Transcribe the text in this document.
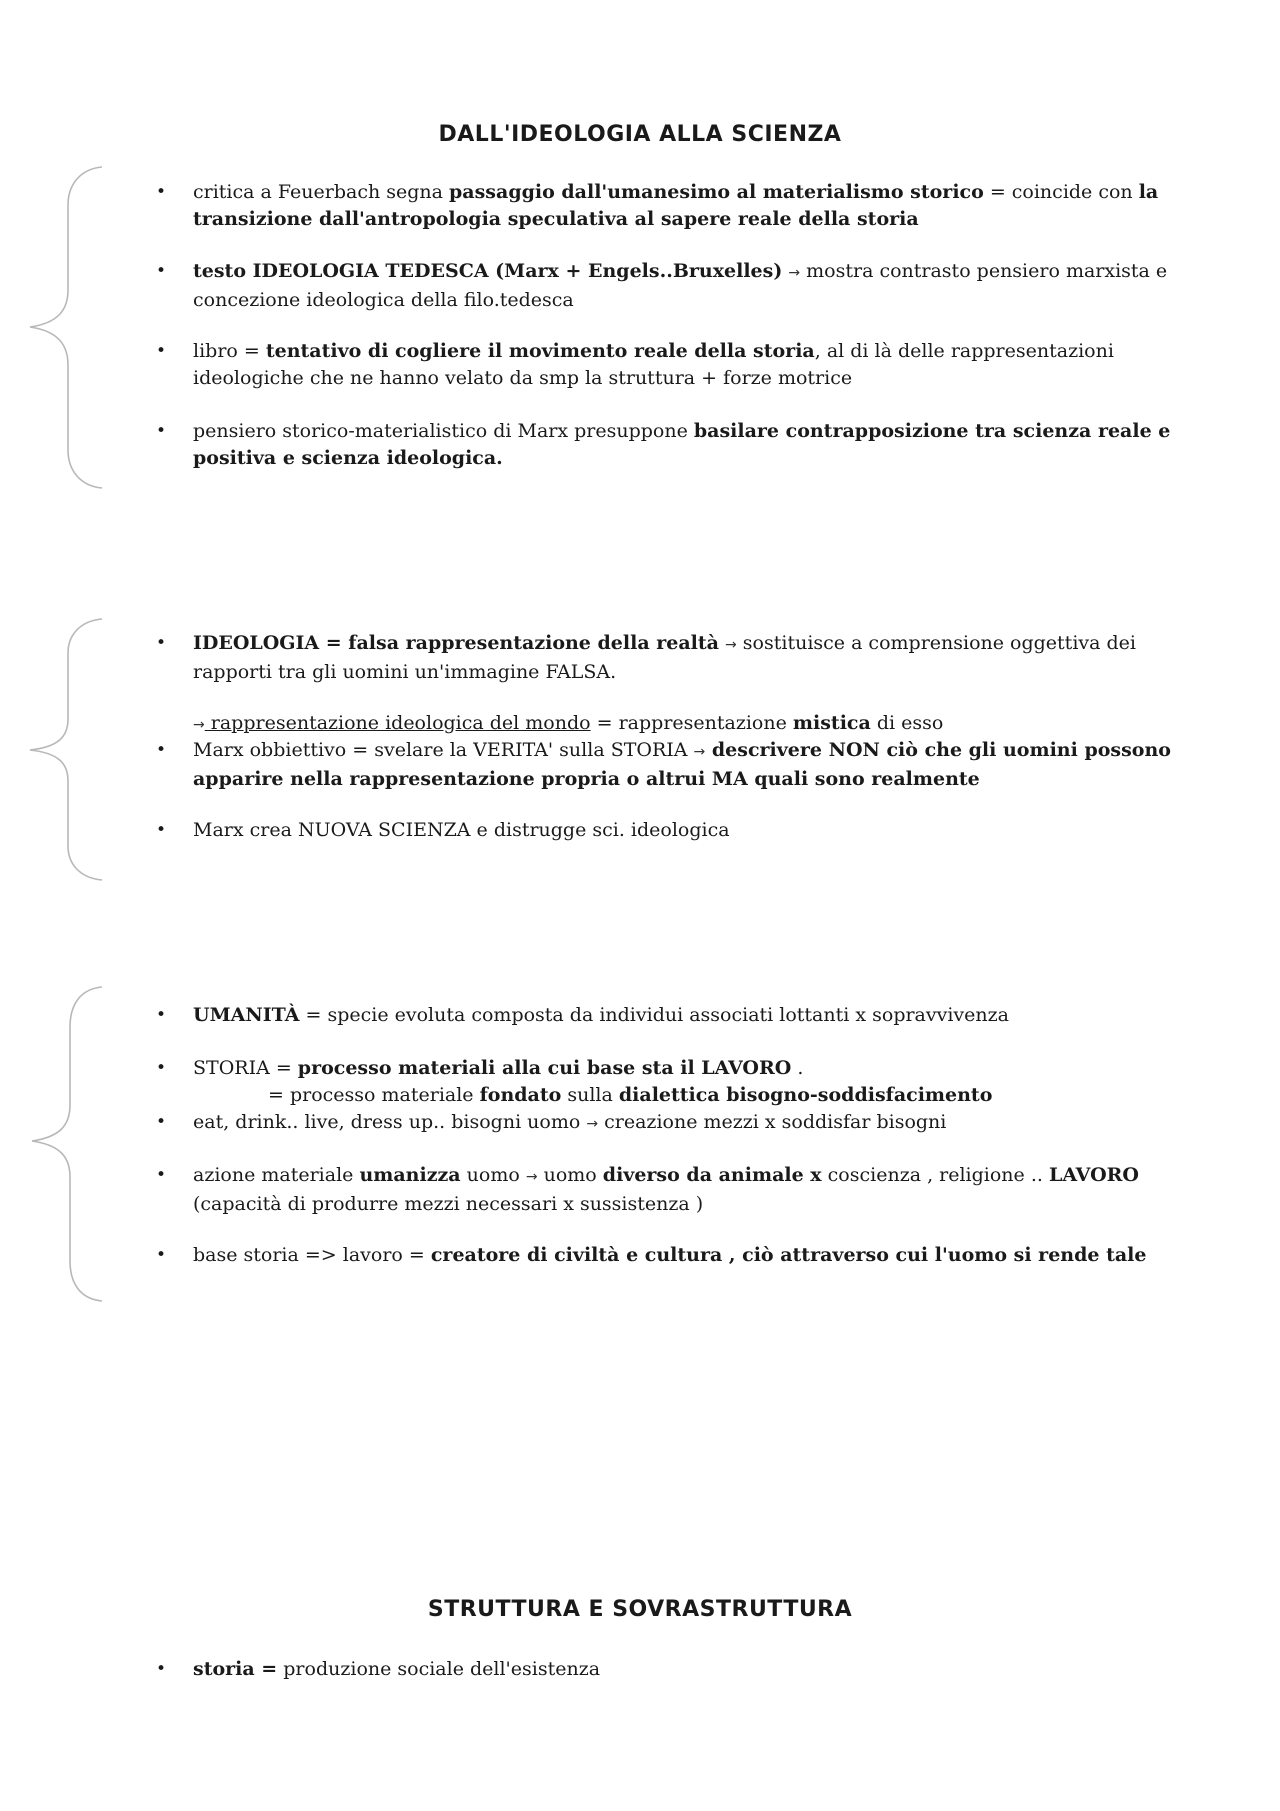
DALL'IDEOLOGIA ALLA SCIENZA
• critica a Feuerbach segna passaggio dall'umanesimo al materialismo storico = coincide con la transizione dall'antropologia speculativa al sapere reale della storia
• testo IDEOLOGIA TEDESCA (Marx + Engels..Bruxelles) → mostra contrasto pensiero marxista e concezione ideologica della filo.tedesca
• libro = tentativo di cogliere il movimento reale della storia, al di là delle rappresentazioni ideologiche che ne hanno velato da smp la struttura + forze motrice
• pensiero storico-materialistico di Marx presuppone basilare contrapposizione tra scienza reale e positiva e scienza ideologica.
• IDEOLOGIA = falsa rappresentazione della realtà → sostituisce a comprensione oggettiva dei rapporti tra gli uomini un'immagine FALSA.
→ rappresentazione ideologica del mondo = rappresentazione mistica di esso
• Marx obbiettivo = svelare la VERITA' sulla STORIA → descrivere NON ciò che gli uomini possono apparire nella rappresentazione propria o altrui MA quali sono realmente
• Marx crea NUOVA SCIENZA e distrugge sci. ideologica
• UMANITÀ = specie evoluta composta da individui associati lottanti x sopravvivenza
• STORIA = processo materiali alla cui base sta il LAVORO .
= processo materiale fondato sulla dialettica bisogno-soddisfacimento
• eat, drink.. live, dress up.. bisogni uomo → creazione mezzi x soddisfar bisogni
• azione materiale umanizza uomo → uomo diverso da animale x coscienza , religione .. LAVORO (capacità di produrre mezzi necessari x sussistenza )
• base storia => lavoro = creatore di civiltà e cultura , ciò attraverso cui l'uomo si rende tale
STRUTTURA E SOVRASTRUTTURA
• storia = produzione sociale dell'esistenza
